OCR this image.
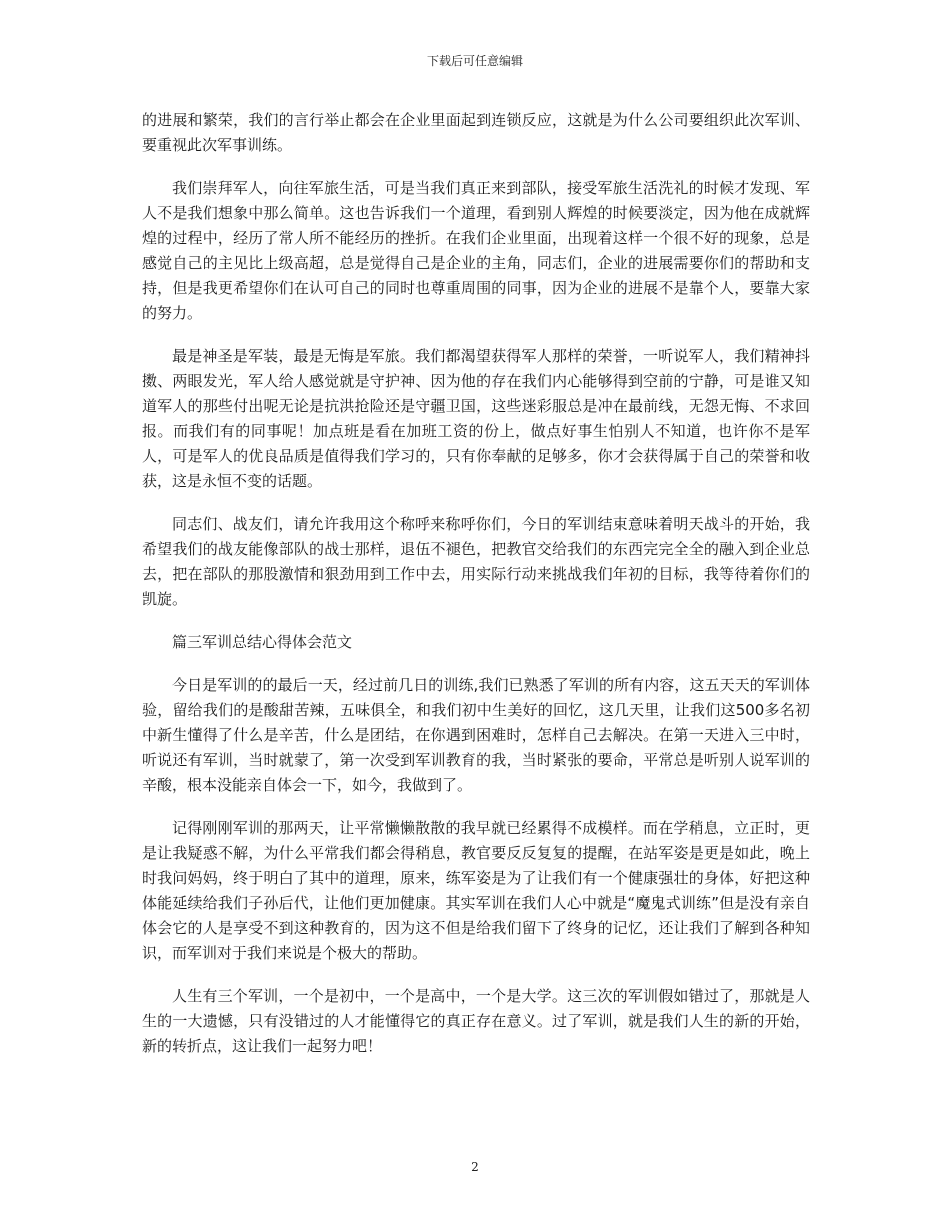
下载后可任意编辑

的进展和繁荣，我们的言行举止都会在企业里面起到连锁反应，这就是为什么公司要组织此次军训、要重视此次军事训练。

我们崇拜军人，向往军旅生活，可是当我们真正来到部队，接受军旅生活洗礼的时候才发现、军人不是我们想象中那么简单。这也告诉我们一个道理，看到别人辉煌的时候要淡定，因为他在成就辉煌的过程中，经历了常人所不能经历的挫折。在我们企业里面，出现着这样一个很不好的现象，总是感觉自己的主见比上级高超，总是觉得自己是企业的主角，同志们，企业的进展需要你们的帮助和支持，但是我更希望你们在认可自己的同时也尊重周围的同事，因为企业的进展不是靠个人，要靠大家的努力。

最是神圣是军装，最是无悔是军旅。我们都渴望获得军人那样的荣誉，一听说军人，我们精神抖擞、两眼发光，军人给人感觉就是守护神、因为他的存在我们内心能够得到空前的宁静，可是谁又知道军人的那些付出呢无论是抗洪抢险还是守疆卫国，这些迷彩服总是冲在最前线，无怨无悔、不求回报。而我们有的同事呢！加点班是看在加班工资的份上，做点好事生怕别人不知道，也许你不是军人，可是军人的优良品质是值得我们学习的，只有你奉献的足够多，你才会获得属于自己的荣誉和收获，这是永恒不变的话题。

同志们、战友们，请允许我用这个称呼来称呼你们，今日的军训结束意味着明天战斗的开始，我希望我们的战友能像部队的战士那样，退伍不褪色，把教官交给我们的东西完完全全的融入到企业总去，把在部队的那股激情和狠劲用到工作中去，用实际行动来挑战我们年初的目标，我等待着你们的凯旋。

篇三军训总结心得体会范文

今日是军训的的最后一天，经过前几日的训练,我们已熟悉了军训的所有内容，这五天天的军训体验，留给我们的是酸甜苦辣，五味俱全，和我们初中生美好的回忆，这几天里，让我们这500多名初中新生懂得了什么是辛苦，什么是团结，在你遇到困难时，怎样自己去解决。在第一天进入三中时，听说还有军训，当时就蒙了，第一次受到军训教育的我，当时紧张的要命，平常总是听别人说军训的辛酸，根本没能亲自体会一下，如今，我做到了。

记得刚刚军训的那两天，让平常懒懒散散的我早就已经累得不成模样。而在学稍息，立正时，更是让我疑惑不解，为什么平常我们都会得稍息，教官要反反复复的提醒，在站军姿是更是如此，晚上时我问妈妈，终于明白了其中的道理，原来，练军姿是为了让我们有一个健康强壮的身体，好把这种体能延续给我们子孙后代，让他们更加健康。其实军训在我们人心中就是“魔鬼式训练”但是没有亲自体会它的人是享受不到这种教育的，因为这不但是给我们留下了终身的记忆，还让我们了解到各种知识，而军训对于我们来说是个极大的帮助。

人生有三个军训，一个是初中，一个是高中，一个是大学。这三次的军训假如错过了，那就是人生的一大遗憾，只有没错过的人才能懂得它的真正存在意义。过了军训，就是我们人生的新的开始，新的转折点，这让我们一起努力吧！

2
